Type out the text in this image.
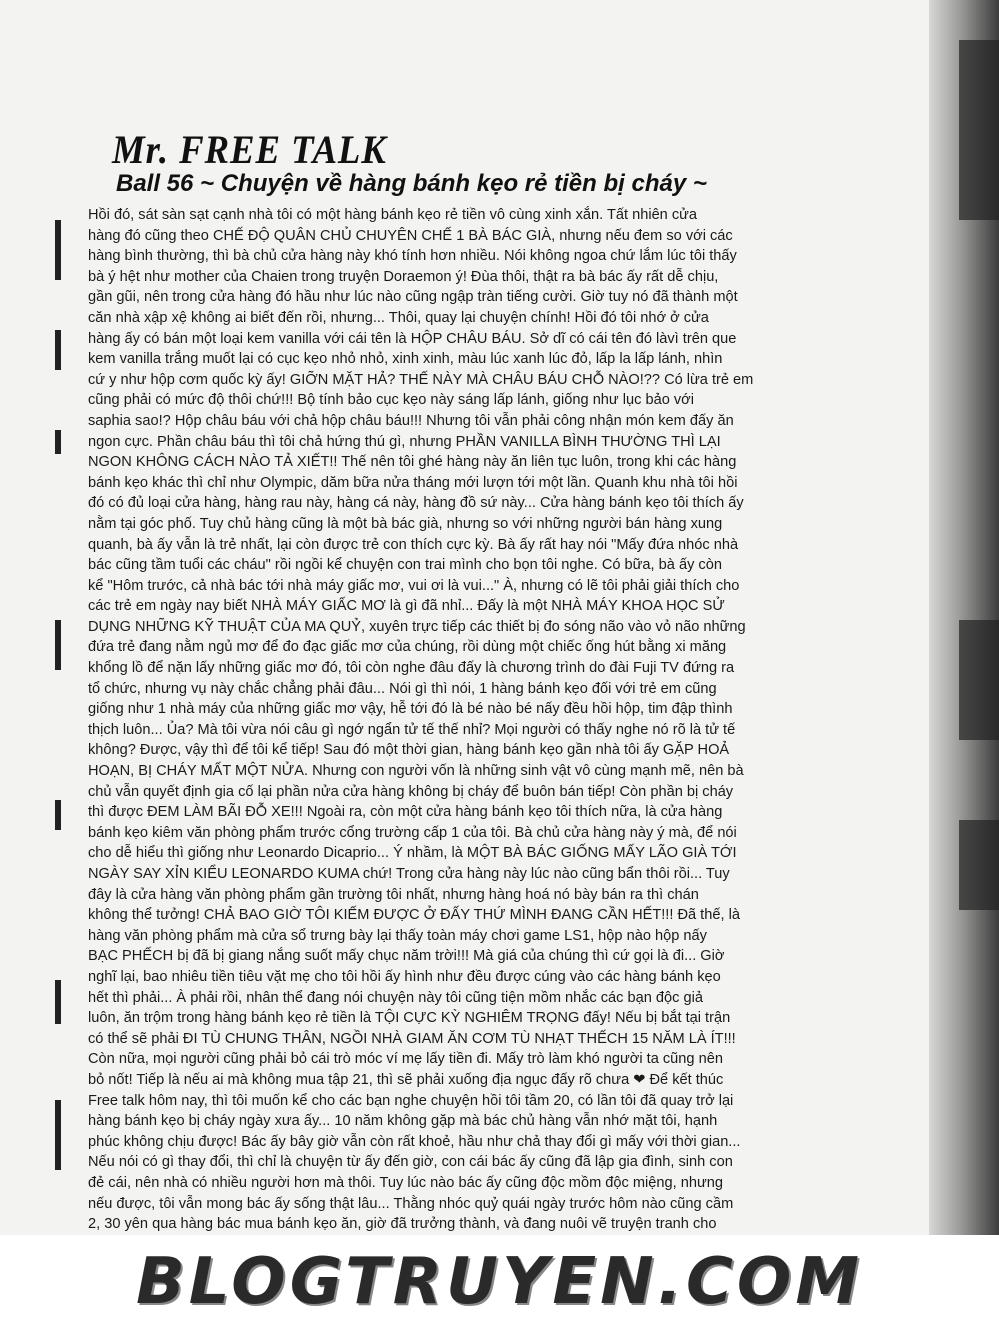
Mr. FREE TALK
Ball 56 ~ Chuyện về hàng bánh kẹo rẻ tiền bị cháy ~
Hồi đó, sát sàn sạt cạnh nhà tôi có một hàng bánh kẹo rẻ tiền vô cùng xinh xắn. Tất nhiên cửa
hàng đó cũng theo CHẾ ĐỘ QUÂN CHỦ CHUYÊN CHẾ 1 BÀ BÁC GIÀ, nhưng nếu đem so với các
hàng bình thường, thì bà chủ cửa hàng này khó tính hơn nhiều. Nói không ngoa chứ lắm lúc tôi thấy
bà ý hệt như mother của Chaien trong truyện Doraemon ý! Đùa thôi, thật ra bà bác ấy rất dễ chịu,
gần gũi, nên trong cửa hàng đó hầu như lúc nào cũng ngập tràn tiếng cười. Giờ tuy nó đã thành một
căn nhà xập xệ không ai biết đến rồi, nhưng... Thôi, quay lại chuyện chính! Hồi đó tôi nhớ ở cửa
hàng ấy có bán một loại kem vanilla với cái tên là HỘP CHÂU BÁU. Sở dĩ có cái tên đó làvì trên que
kem vanilla trắng muốt lại có cục kẹo nhỏ nhỏ, xinh xinh, màu lúc xanh lúc đỏ, lấp la lấp lánh, nhìn
cứ y như hộp cơm quốc kỳ ấy! GIỠN MẶT HẢ? THẾ NÀY MÀ CHÂU BÁU CHỖ NÀO!?? Có lừa trẻ em
cũng phải có mức độ thôi chứ!!! Bộ tính bảo cục kẹo này sáng lấp lánh, giống như lục bảo với
saphia sao!? Hộp châu báu với chả hộp châu báu!!! Nhưng tôi vẫn phải công nhận món kem đấy ăn
ngon cực. Phần châu báu thì tôi chả hứng thú gì, nhưng PHẦN VANILLA BÌNH THƯỜNG THÌ LẠI
NGON KHÔNG CÁCH NÀO TẢ XIẾT!! Thế nên tôi ghé hàng này ăn liên tục luôn, trong khi các hàng
bánh kẹo khác thì chỉ như Olympic, dăm bữa nửa tháng mới lượn tới một lần. Quanh khu nhà tôi hồi
đó có đủ loại cửa hàng, hàng rau này, hàng cá này, hàng đồ sứ này... Cửa hàng bánh kẹo tôi thích ấy
nằm tại góc phố. Tuy chủ hàng cũng là một bà bác già, nhưng so với những người bán hàng xung
quanh, bà ấy vẫn là trẻ nhất, lại còn được trẻ con thích cực kỳ. Bà ấy rất hay nói "Mấy đứa nhóc nhà
bác cũng tầm tuổi các cháu" rồi ngồi kể chuyện con trai mình cho bọn tôi nghe. Có bữa, bà ấy còn
kể "Hôm trước, cả nhà bác tới nhà máy giấc mơ, vui ơi là vui..." À, nhưng có lẽ tôi phải giải thích cho
các trẻ em ngày nay biết NHÀ MÁY GIẤC MƠ là gì đã nhỉ... Đấy là một NHÀ MÁY KHOA HỌC SỬ
DỤNG NHỮNG KỸ THUẬT CỦA MA QUỶ, xuyên trực tiếp các thiết bị đo sóng não vào vỏ não những
đứa trẻ đang nằm ngủ mơ để đo đạc giấc mơ của chúng, rồi dùng một chiếc ống hút bằng xi măng
khổng lồ để nặn lấy những giấc mơ đó, tôi còn nghe đâu đấy là chương trình do đài Fuji TV đứng ra
tổ chức, nhưng vụ này chắc chẳng phải đâu... Nói gì thì nói, 1 hàng bánh kẹo đối với trẻ em cũng
giống như 1 nhà máy của những giấc mơ vậy, hễ tới đó là bé nào bé nấy đều hồi hộp, tim đập thình
thịch luôn... Ủa? Mà tôi vừa nói câu gì ngớ ngẩn tử tế thế nhỉ? Mọi người có thấy nghe nó rõ là tử tế
không? Được, vậy thì để tôi kể tiếp! Sau đó một thời gian, hàng bánh kẹo gần nhà tôi ấy GẶP HOẢ
HOẠN, BỊ CHÁY MẤT MỘT NỬA. Nhưng con người vốn là những sinh vật vô cùng mạnh mẽ, nên bà
chủ vẫn quyết định gia cố lại phần nửa cửa hàng không bị cháy để buôn bán tiếp! Còn phần bị cháy
thì được ĐEM LÀM BÃI ĐỖ XE!!! Ngoài ra, còn một cửa hàng bánh kẹo tôi thích nữa, là cửa hàng
bánh kẹo kiêm văn phòng phẩm trước cổng trường cấp 1 của tôi. Bà chủ cửa hàng này ý mà, để nói
cho dễ hiểu thì giống như Leonardo Dicaprio... Ý nhầm, là MỘT BÀ BÁC GIỐNG MẤY LÃO GIÀ TỚI
NGÀY SAY XỈN KIỂU LEONARDO KUMA chứ! Trong cửa hàng này lúc nào cũng bẩn thôi rồi... Tuy
đây là cửa hàng văn phòng phẩm gần trường tôi nhất, nhưng hàng hoá nó bày bán ra thì chán
không thể tưởng! CHẢ BAO GIỜ TÔI KIẾM ĐƯỢC Ở ĐẤY THỨ MÌNH ĐANG CẦN HẾT!!! Đã thế, là
hàng văn phòng phẩm mà cửa sổ trưng bày lại thấy toàn máy chơi game LS1, hộp nào hộp nấy
BẠC PHẾCH bị đã bị giang nắng suốt mấy chục năm trời!!! Mà giá của chúng thì cứ gọi là đi... Giờ
nghĩ lại, bao nhiêu tiền tiêu vặt mẹ cho tôi hồi ấy hình như đều được cúng vào các hàng bánh kẹo
hết thì phải... À phải rồi, nhân thể đang nói chuyện này tôi cũng tiện mồm nhắc các bạn độc giả
luôn, ăn trộm trong hàng bánh kẹo rẻ tiền là TỘI CỰC KỲ NGHIÊM TRỌNG đấy! Nếu bị bắt tại trận
có thể sẽ phải ĐI TÙ CHUNG THÂN, NGỒI NHÀ GIAM ĂN CƠM TÙ NHẠT THẾCH 15 NĂM LÀ ÍT!!!
Còn nữa, mọi người cũng phải bỏ cái trò móc ví mẹ lấy tiền đi. Mấy trò làm khó người ta cũng nên
bỏ nốt! Tiếp là nếu ai mà không mua tập 21, thì sẽ phải xuống địa ngục đấy rõ chưa ❤ Để kết thúc
Free talk hôm nay, thì tôi muốn kể cho các bạn nghe chuyện hồi tôi tầm 20, có lần tôi đã quay trở lại
hàng bánh kẹo bị cháy ngày xưa ấy... 10 năm không gặp mà bác chủ hàng vẫn nhớ mặt tôi, hạnh
phúc không chịu được! Bác ấy bây giờ vẫn còn rất khoẻ, hầu như chả thay đổi gì mấy với thời gian...
Nếu nói có gì thay đổi, thì chỉ là chuyện từ ấy đến giờ, con cái bác ấy cũng đã lập gia đình, sinh con
đẻ cái, nên nhà có nhiều người hơn mà thôi. Tuy lúc nào bác ấy cũng độc mồm độc miệng, nhưng
nếu được, tôi vẫn mong bác ấy sống thật lâu... Thằng nhóc quỷ quái ngày trước hôm nào cũng cầm
2, 30 yên qua hàng bác mua bánh kẹo ăn, giờ đã trưởng thành, và đang nuôi vẽ truyện tranh cho
BLOGTRUYEN.COM
